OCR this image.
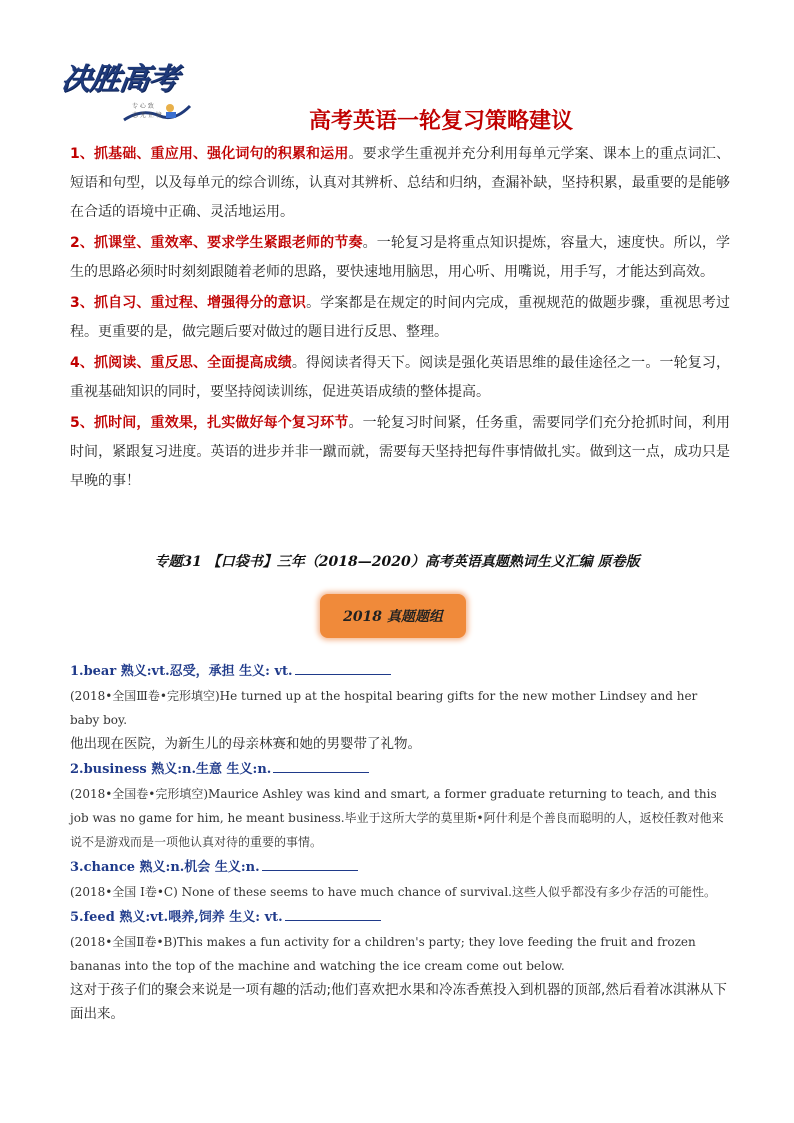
决胜高考
专 心 致
志 无 止 境	高考英语一轮复习策略建议

1、抓基础、重应用、强化词句的积累和运用。要求学生重视并充分利用每单元学案、课本上的重点词汇、短语和句型，以及每单元的综合训练，认真对其辨析、总结和归纳，查漏补缺，坚持积累，最重要的是能够在合适的语境中正确、灵活地运用。

2、抓课堂、重效率、要求学生紧跟老师的节奏。一轮复习是将重点知识提炼，容量大，速度快。所以，学生的思路必须时时刻刻跟随着老师的思路，要快速地用脑思，用心听、用嘴说，用手写，才能达到高效。

3、抓自习、重过程、增强得分的意识。学案都是在规定的时间内完成，重视规范的做题步骤，重视思考过程。更重要的是，做完题后要对做过的题目进行反思、整理。

4、抓阅读、重反思、全面提高成绩。得阅读者得天下。阅读是强化英语思维的最佳途径之一。一轮复习，重视基础知识的同时，要坚持阅读训练，促进英语成绩的整体提高。

5、抓时间，重效果，扎实做好每个复习环节。一轮复习时间紧，任务重，需要同学们充分抢抓时间，利用时间，紧跟复习进度。英语的进步并非一蹴而就，需要每天坚持把每件事情做扎实。做到这一点，成功只是早晚的事！

专题31 【口袋书】三年（2018—2020）高考英语真题熟词生义汇编 原卷版
2018 真题题组
1.bear 熟义:vt.忍受，承担 生义: vt.
(2018•全国Ⅲ卷•完形填空)He turned up at the hospital bearing gifts for the new mother Lindsey and her baby boy.
他出现在医院，为新生儿的母亲林赛和她的男婴带了礼物。
2.business 熟义:n.生意 生义:n.
(2018•全国卷•完形填空)Maurice Ashley was kind and smart, a former graduate returning to teach, and this job was no game for him, he meant business.毕业于这所大学的莫里斯•阿什利是个善良而聪明的人，返校任教对他来说不是游戏而是一项他认真对待的重要的事情。
3.chance 熟义:n.机会 生义:n.
(2018•全国 I卷•C) None of these seems to have much chance of survival.这些人似乎都没有多少存活的可能性。
5.feed 熟义:vt.喂养,饲养 生义: vt.
(2018•全国Ⅱ卷•B)This makes a fun activity for a children's party; they love feeding the fruit and frozen bananas into the top of the machine and watching the ice cream come out below.
这对于孩子们的聚会来说是一项有趣的活动;他们喜欢把水果和冷冻香蕉投入到机器的顶部,然后看着冰淇淋从下面出来。
